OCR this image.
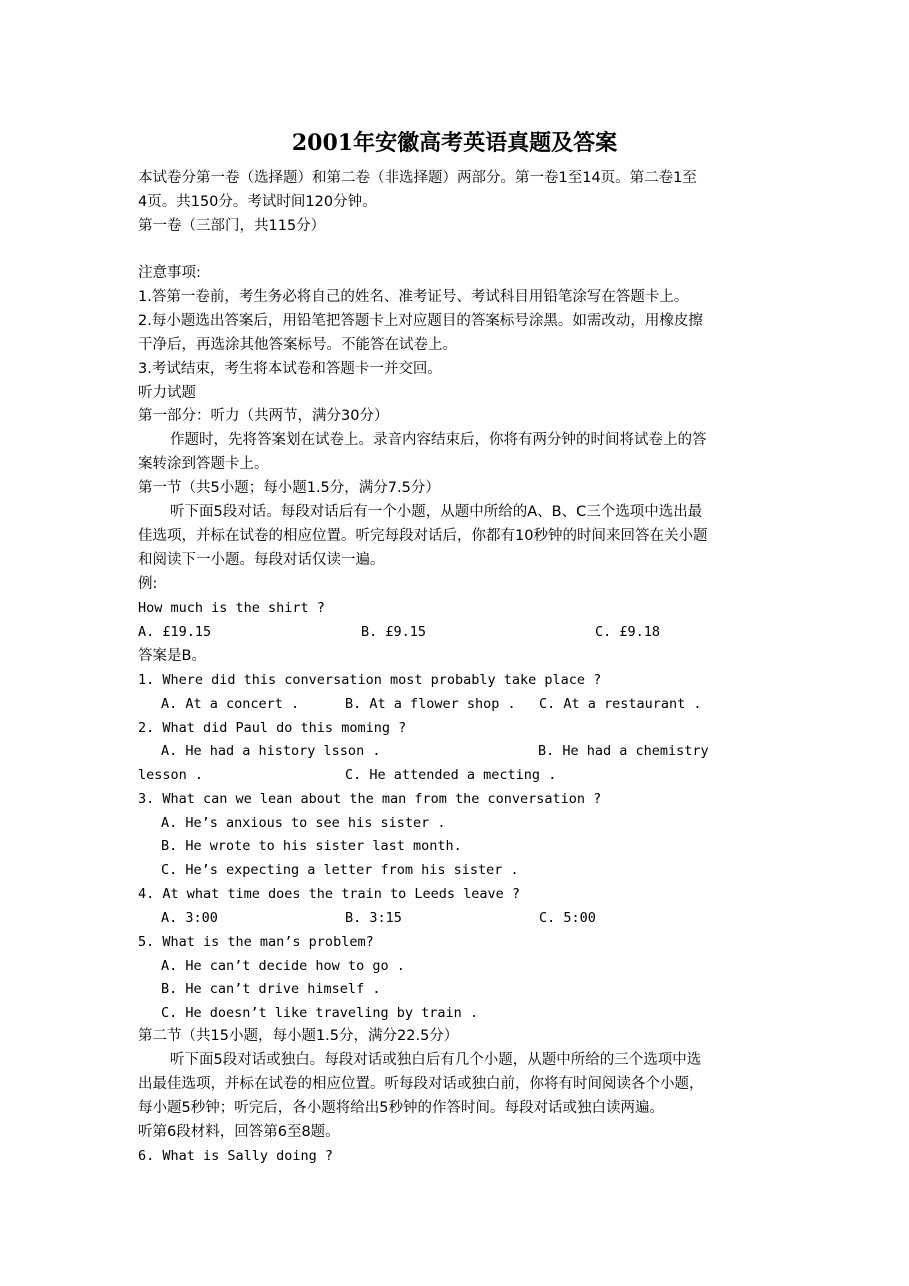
2001年安徽高考英语真题及答案
本试卷分第一卷（选择题）和第二卷（非选择题）两部分。第一卷1至14页。第二卷1至
4页。共150分。考试时间120分钟。
第一卷（三部门，共115分）
注意事项:
1.答第一卷前，考生务必将自己的姓名、准考证号、考试科目用铅笔涂写在答题卡上。
2.每小题选出答案后，用铅笔把答题卡上对应题目的答案标号涂黑。如需改动，用橡皮擦
干净后，再选涂其他答案标号。不能答在试卷上。
3.考试结束，考生将本试卷和答题卡一并交回。
听力试题
第一部分：听力（共两节，满分30分）
作题时，先将答案划在试卷上。录音内容结束后，你将有两分钟的时间将试卷上的答
案转涂到答题卡上。
第一节（共5小题；每小题1.5分，满分7.5分）
听下面5段对话。每段对话后有一个小题，从题中所给的A、B、C三个选项中选出最
佳选项，并标在试卷的相应位置。听完每段对话后，你都有10秒钟的时间来回答在关小题
和阅读下一小题。每段对话仅读一遍。
例:
How much is the shirt ?
A. £19.15	B. £9.15	C. £9.18
答案是B。
1. Where did this conversation most probably take place ?
A. At a concert .	B. At a flower shop . C. At a restaurant .
2. What did Paul do this moming ?
A. He had a history lsson .	B. He had a chemistry
lesson .	C. He attended a mecting .
3. What can we lean about the man from the conversation ?
A. He’s anxious to see his sister .
B. He wrote to his sister last month.
C. He’s expecting a letter from his sister .
4. At what time does the train to Leeds leave ?
A. 3:00	B. 3:15	C. 5:00
5. What is the man’s problem?
A. He can’t decide how to go .
B. He can’t drive himself .
C. He doesn’t like traveling by train .
第二节（共15小题，每小题1.5分，满分22.5分）
听下面5段对话或独白。每段对话或独白后有几个小题，从题中所给的三个选项中选
出最佳选项，并标在试卷的相应位置。听每段对话或独白前，你将有时间阅读各个小题，
每小题5秒钟；听完后，各小题将给出5秒钟的作答时间。每段对话或独白读两遍。
听第6段材料，回答第6至8题。
6. What is Sally doing ?
